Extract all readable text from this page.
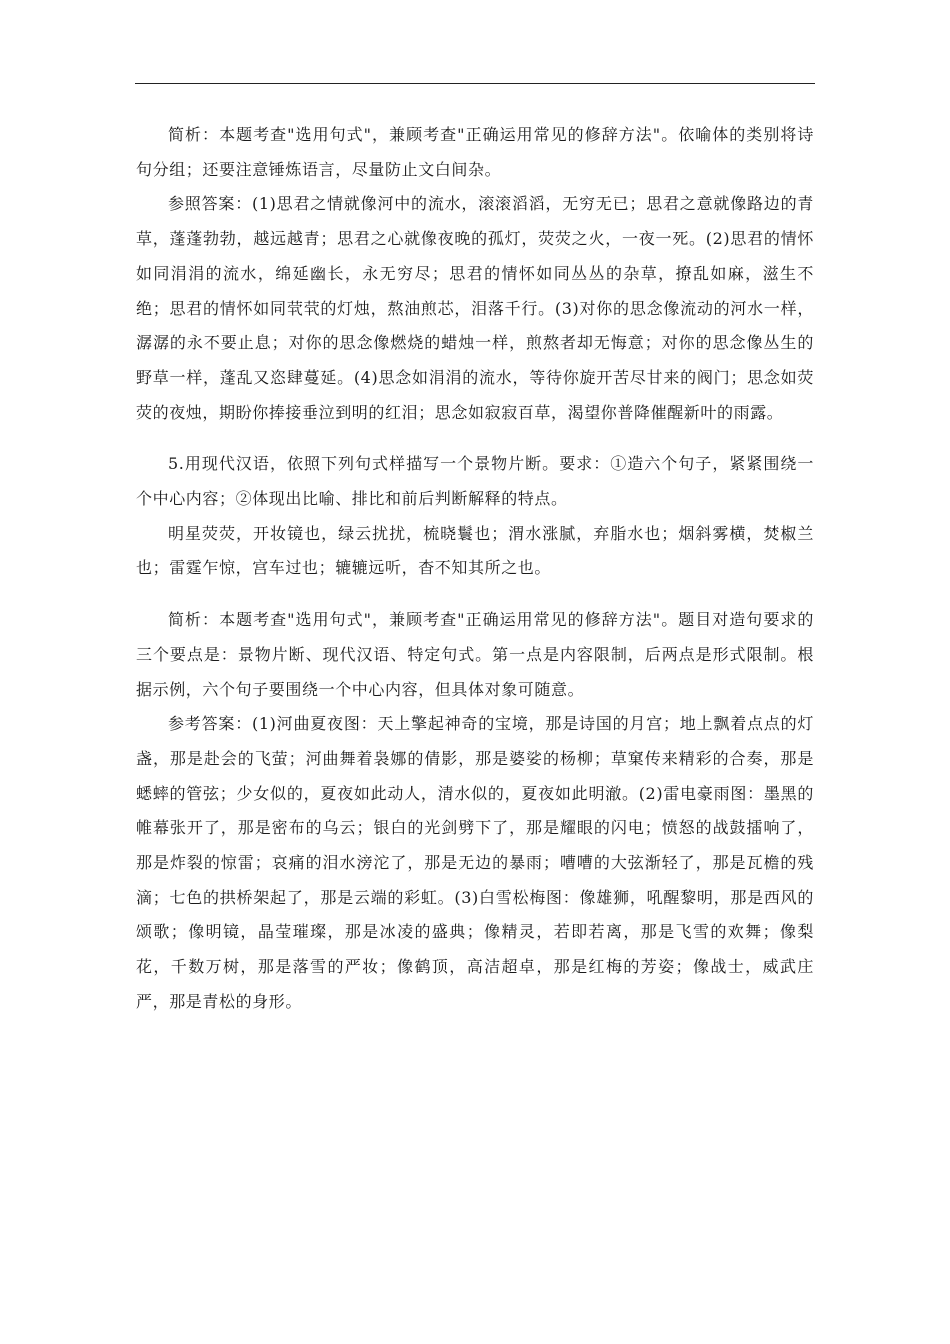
简析：本题考查"选用句式"，兼顾考查"正确运用常见的修辞方法"。依喻体的类别将诗句分组；还要注意锤炼语言，尽量防止文白间杂。

参照答案：(1)思君之情就像河中的流水，滚滚滔滔，无穷无已；思君之意就像路边的青草，蓬蓬勃勃，越远越青；思君之心就像夜晚的孤灯，荧荧之火，一夜一死。(2)思君的情怀如同涓涓的流水，绵延幽长，永无穷尽；思君的情怀如同丛丛的杂草，撩乱如麻，滋生不绝；思君的情怀如同茕茕的灯烛，熬油煎芯，泪落千行。(3)对你的思念像流动的河水一样，潺潺的永不要止息；对你的思念像燃烧的蜡烛一样，煎熬者却无悔意；对你的思念像丛生的野草一样，蓬乱又恣肆蔓延。(4)思念如涓涓的流水，等待你旋开苦尽甘来的阀门；思念如荧荧的夜烛，期盼你捧接垂泣到明的红泪；思念如寂寂百草，渴望你普降催醒新叶的雨露。

5.用现代汉语，依照下列句式样描写一个景物片断。要求：①造六个句子，紧紧围绕一个中心内容；②体现出比喻、排比和前后判断解释的特点。

明星荧荧，开妆镜也，绿云扰扰，梳晓鬟也；渭水涨腻，弃脂水也；烟斜雾横，焚椒兰也；雷霆乍惊，宫车过也；辘辘远听，杳不知其所之也。

简析：本题考查"选用句式"，兼顾考查"正确运用常见的修辞方法"。题目对造句要求的三个要点是：景物片断、现代汉语、特定句式。第一点是内容限制，后两点是形式限制。根据示例，六个句子要围绕一个中心内容，但具体对象可随意。

参考答案：(1)河曲夏夜图：天上擎起神奇的宝境，那是诗国的月宫；地上飘着点点的灯盏，那是赴会的飞萤；河曲舞着袅娜的倩影，那是婆娑的杨柳；草窠传来精彩的合奏，那是蟋蟀的管弦；少女似的，夏夜如此动人，清水似的，夏夜如此明澈。(2)雷电豪雨图：墨黑的帷幕张开了，那是密布的乌云；银白的光剑劈下了，那是耀眼的闪电；愤怒的战鼓擂响了，那是炸裂的惊雷；哀痛的泪水滂沱了，那是无边的暴雨；嘈嘈的大弦渐轻了，那是瓦檐的残滴；七色的拱桥架起了，那是云端的彩虹。(3)白雪松梅图：像雄狮，吼醒黎明，那是西风的颂歌；像明镜，晶莹璀璨，那是冰凌的盛典；像精灵，若即若离，那是飞雪的欢舞；像梨花，千数万树，那是落雪的严妆；像鹤顶，高洁超卓，那是红梅的芳姿；像战士，威武庄严，那是青松的身形。
